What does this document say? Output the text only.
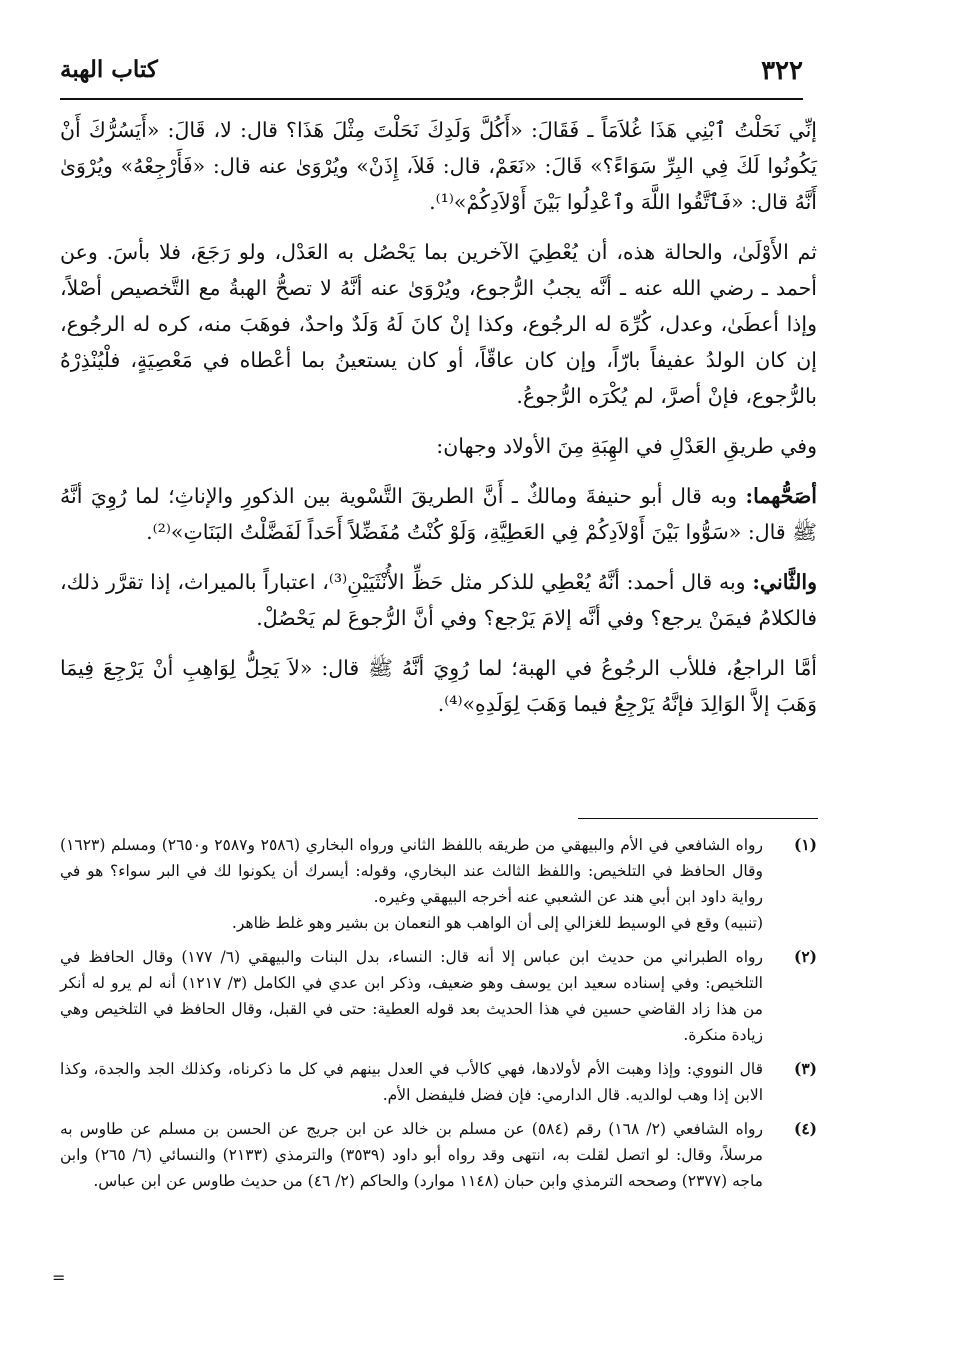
٣٢٢
كتاب الهبة

إنِّي نَحَلْتُ ٱبْنِي هَذَا غُلاَمَاً ـ فَقَالَ: «أَكُلَّ وَلَدِكَ نَحَلْتَ مِثْلَ هَذَا؟ قال: لا، قَالَ: «أَيَسُرُّكَ أَنْ يَكُونُوا لَكَ فِي البِرِّ سَوَاءً؟» قَالَ: «نَعَمْ، قال: فَلاَ، إِذَنْ» ويُرْوَىٰ عنه قال: «فَأَرْجِعْهُ» ويُرْوَىٰ أَنَّهُ قال: «فَٱتَّقُوا اللَّهَ وٱعْدِلُوا بَيْنَ أَوْلاَدِكُمْ»⁽¹⁾.

ثم الأَوْلَىٰ، والحالة هذه، أن يُعْطِيَ الآخرين بما يَحْصُل به العَدْل، ولو رَجَعَ، فلا بأسَ. وعن أحمد ـ رضي الله عنه ـ أنَّه يجبُ الرُّجوع، ويُرْوَىٰ عنه أنَّهُ لا تصحُّ الهبةُ مع التَّخصيص أصْلاً، وإذا أعطَىٰ، وعدل، كُرِّهَ له الرجُوع، وكذا إنْ كانَ لَهُ وَلَدٌ واحدٌ، فوهَبَ منه، كره له الرجُوع، إن كان الولدُ عفيفاً بارّاً، وإن كان عاقّاً، أو كان يستعينُ بما أعْطاه في مَعْصِيَةٍ، فلْيُنْذِرْهُ بالرُّجوع، فإنْ أصرَّ، لم يُكْرَه الرُّجوعُ.

وفي طريقِ العَدْلِ في الهِبَةِ مِنَ الأولاد وجهان:

أصَحُّهما: وبه قال أبو حنيفةَ ومالكٌ ـ أَنَّ الطريقَ التَّسْوية بين الذكورِ والإناثِ؛ لما رُوِيَ أنَّهُ ﷺ قال: «سَوُّوا بَيْنَ أَوْلاَدِكُمْ فِي العَطِيَّةِ، وَلَوْ كُنْتُ مُفَضِّلاً أَحَداً لَفَضَّلْتُ البَنَاتِ»⁽²⁾.

والثَّاني: وبه قال أحمد: أنَّهُ يُعْطِي للذكر مثل حَظِّ الأُنْثَيَيْنِ⁽³⁾، اعتباراً بالميراث، إذا تقرَّر ذلك، فالكلامُ فيمَنْ يرجع؟ وفي أنَّه إلامَ يَرْجع؟ وفي أنَّ الرُّجوعَ لم يَحْصُلْ.

أمَّا الراجعُ، فللأب الرجُوعُ في الهبة؛ لما رُوِيَ أنَّهُ ﷺ قال: «لاَ يَحِلُّ لِوَاهِبِ أنْ يَرْجِعَ فِيمَا وَهَبَ إلاَّ الوَالِدَ فإنَّهُ يَرْجِعُ فيما وَهَبَ لِوَلَدِهِ»⁽⁴⁾.

(١)
رواه الشافعي في الأم والبيهقي من طريقه باللفظ الثاني ورواه البخاري (٢٥٨٦ و٢٥٨٧ و٢٦٥٠) ومسلم (١٦٢٣) وقال الحافظ في التلخيص: واللفظ الثالث عند البخاري، وقوله: أيسرك أن يكونوا لك في البر سواء؟ هو في رواية داود ابن أبي هند عن الشعبي عنه أخرجه البيهقي وغيره.
(تنبيه) وقع في الوسيط للغزالي إلى أن الواهب هو النعمان بن بشير وهو غلط ظاهر.
(٢)
رواه الطبراني من حديث ابن عباس إلا أنه قال: النساء، بدل البنات والبيهقي (٦/ ١٧٧) وقال الحافظ في التلخيص: وفي إسناده سعيد ابن يوسف وهو ضعيف، وذكر ابن عدي في الكامل (٣/ ١٢١٧) أنه لم يرو له أنكر من هذا زاد القاضي حسين في هذا الحديث بعد قوله العطية: حتى في القبل، وقال الحافظ في التلخيص وهي زيادة منكرة.
(٣)
قال النووي: وإذا وهبت الأم لأولادها، فهي كالأب في العدل بينهم في كل ما ذكرناه، وكذلك الجد والجدة، وكذا الابن إذا وهب لوالديه. قال الدارمي: فإن فضل فليفضل الأم.
(٤)
رواه الشافعي (٢/ ١٦٨) رقم (٥٨٤) عن مسلم بن خالد عن ابن جريج عن الحسن بن مسلم عن طاوس به مرسلاً، وقال: لو اتصل لقلت به، انتهى وقد رواه أبو داود (٣٥٣٩) والترمذي (٢١٣٣) والنسائي (٦/ ٢٦٥) وابن ماجه (٢٣٧٧) وصححه الترمذي وابن حبان (١١٤٨ موارد) والحاكم (٢/ ٤٦) من حديث طاوس عن ابن عباس.
=
